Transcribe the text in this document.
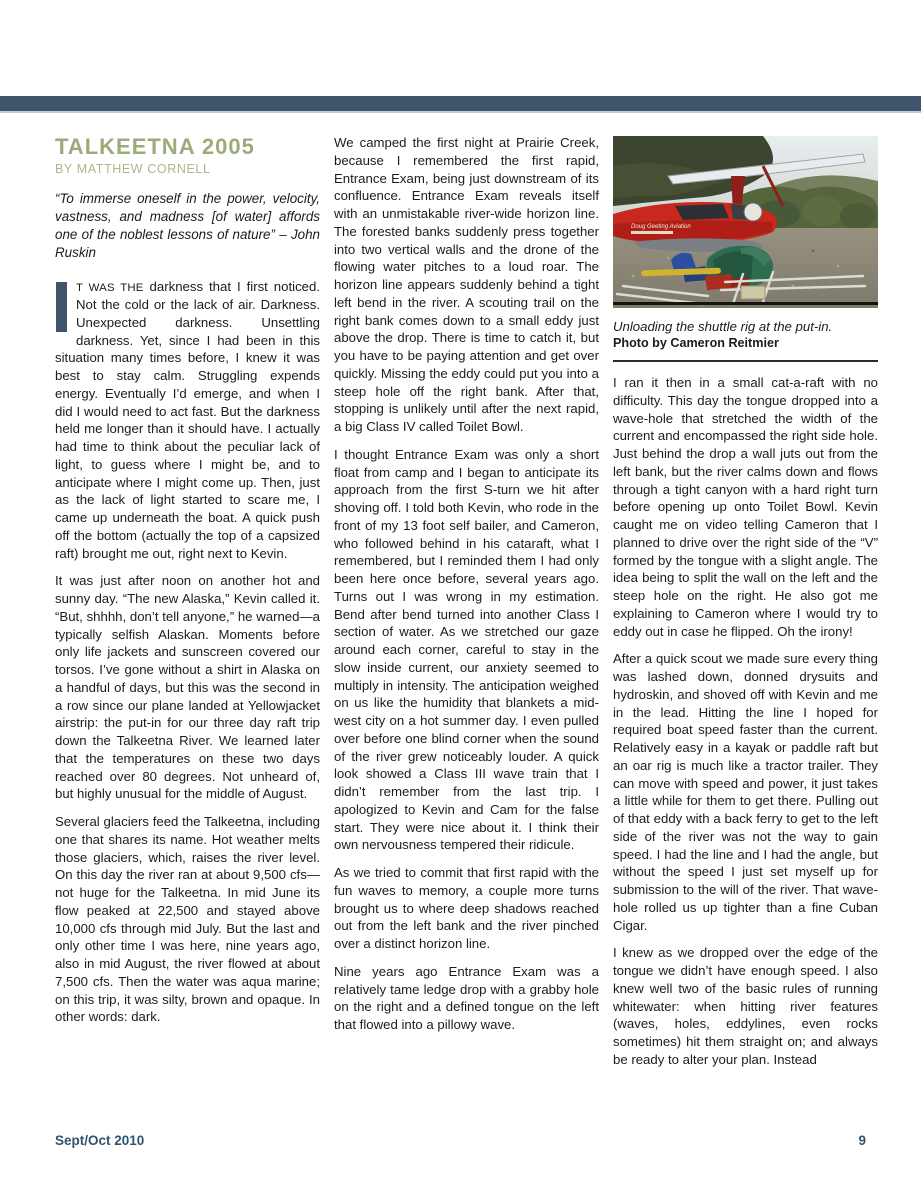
TALKEETNA 2005
BY MATTHEW CORNELL
“To immerse oneself in the power, velocity, vastness, and madness [of water] affords one of the noblest lessons of nature” – John Ruskin

T WAS THE darkness that I first noticed. Not the cold or the lack of air. Darkness. Unexpected darkness. Unsettling darkness. Yet, since I had been in this situation many times before, I knew it was best to stay calm. Struggling expends energy. Eventually I’d emerge, and when I did I would need to act fast. But the darkness held me longer than it should have. I actually had time to think about the peculiar lack of light, to guess where I might be, and to anticipate where I might come up. Then, just as the lack of light started to scare me, I came up underneath the boat. A quick push off the bottom (actually the top of a capsized raft) brought me out, right next to Kevin.

It was just after noon on another hot and sunny day. “The new Alaska,” Kevin called it. “But, shhhh, don’t tell anyone,” he warned—a typically selfish Alaskan. Moments before only life jackets and sunscreen covered our torsos. I’ve gone without a shirt in Alaska on a handful of days, but this was the second in a row since our plane landed at Yellowjacket airstrip: the put-in for our three day raft trip down the Talkeetna River. We learned later that the temperatures on these two days reached over 80 degrees. Not unheard of, but highly unusual for the middle of August.

Several glaciers feed the Talkeetna, including one that shares its name. Hot weather melts those glaciers, which, raises the river level. On this day the river ran at about 9,500 cfs—not huge for the Talkeetna. In mid June its flow peaked at 22,500 and stayed above 10,000 cfs through mid July. But the last and only other time I was here, nine years ago, also in mid August, the river flowed at about 7,500 cfs. Then the water was aqua marine; on this trip, it was silty, brown and opaque. In other words: dark.

We camped the first night at Prairie Creek, because I remembered the first rapid, Entrance Exam, being just downstream of its confluence. Entrance Exam reveals itself with an unmistakable river-wide horizon line. The forested banks suddenly press together into two vertical walls and the drone of the flowing water pitches to a loud roar. The horizon line appears suddenly behind a tight left bend in the river. A scouting trail on the right bank comes down to a small eddy just above the drop. There is time to catch it, but you have to be paying attention and get over quickly. Missing the eddy could put you into a steep hole off the right bank. After that, stopping is unlikely until after the next rapid, a big Class IV called Toilet Bowl.

I thought Entrance Exam was only a short float from camp and I began to anticipate its approach from the first S-turn we hit after shoving off. I told both Kevin, who rode in the front of my 13 foot self bailer, and Cameron, who followed behind in his cataraft, what I remembered, but I reminded them I had only been here once before, several years ago. Turns out I was wrong in my estimation. Bend after bend turned into another Class I section of water. As we stretched our gaze around each corner, careful to stay in the slow inside current, our anxiety seemed to multiply in intensity. The anticipation weighed on us like the humidity that blankets a mid-west city on a hot summer day. I even pulled over before one blind corner when the sound of the river grew noticeably louder. A quick look showed a Class III wave train that I didn’t remember from the last trip. I apologized to Kevin and Cam for the false start. They were nice about it. I think their own nervousness tempered their ridicule.

As we tried to commit that first rapid with the fun waves to memory, a couple more turns brought us to where deep shadows reached out from the left bank and the river pinched over a distinct horizon line.

Nine years ago Entrance Exam was a relatively tame ledge drop with a grabby hole on the right and a defined tongue on the left that flowed into a pillowy wave.

Doug Geeting Aviation
Unloading the shuttle rig at the put-in.
Photo by Cameron Reitmier

I ran it then in a small cat-a-raft with no difficulty. This day the tongue dropped into a wave-hole that stretched the width of the current and encompassed the right side hole. Just behind the drop a wall juts out from the left bank, but the river calms down and flows through a tight canyon with a hard right turn before opening up onto Toilet Bowl. Kevin caught me on video telling Cameron that I planned to drive over the right side of the “V” formed by the tongue with a slight angle. The idea being to split the wall on the left and the steep hole on the right. He also got me explaining to Cameron where I would try to eddy out in case he flipped. Oh the irony!

After a quick scout we made sure every thing was lashed down, donned drysuits and hydroskin, and shoved off with Kevin and me in the lead. Hitting the line I hoped for required boat speed faster than the current. Relatively easy in a kayak or paddle raft but an oar rig is much like a tractor trailer. They can move with speed and power, it just takes a little while for them to get there. Pulling out of that eddy with a back ferry to get to the left side of the river was not the way to gain speed. I had the line and I had the angle, but without the speed I just set myself up for submission to the will of the river. That wave-hole rolled us up tighter than a fine Cuban Cigar.

I knew as we dropped over the edge of the tongue we didn’t have enough speed. I also knew well two of the basic rules of running whitewater: when hitting river features (waves, holes, eddylines, even rocks sometimes) hit them straight on; and always be ready to alter your plan. Instead

Sept/Oct 2010	9
